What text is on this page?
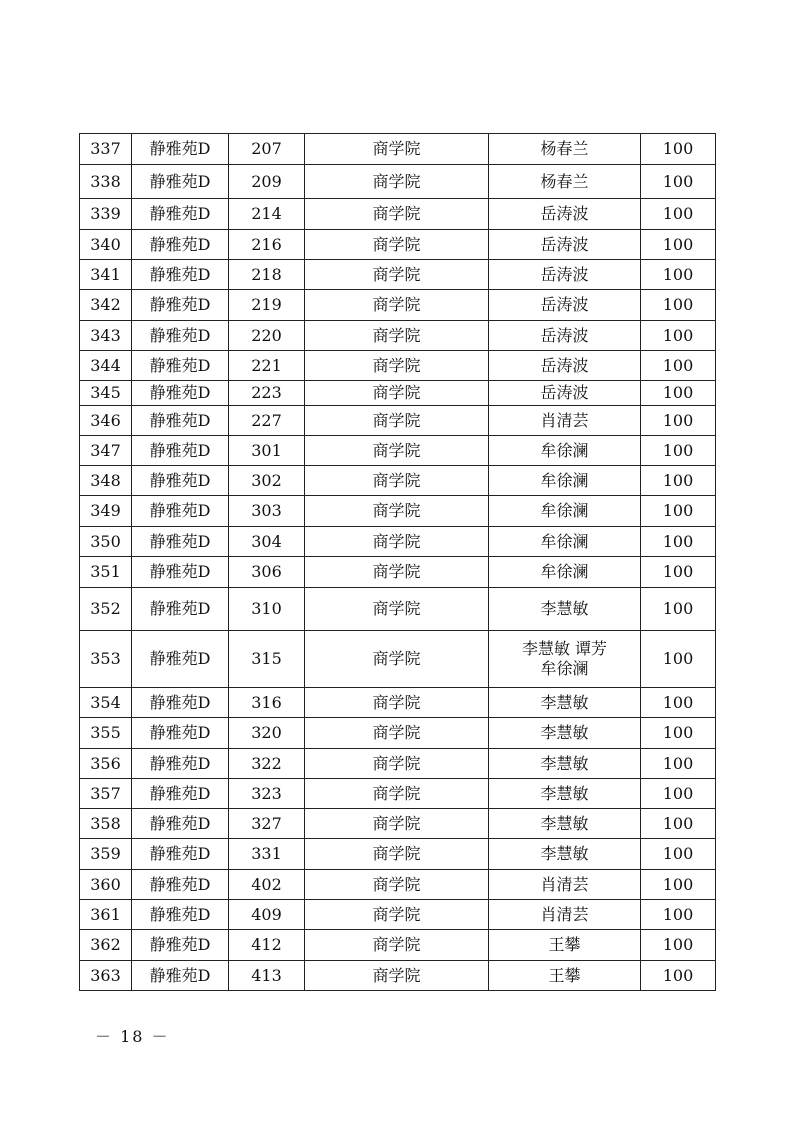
337	静雅苑D	207	商学院	杨春兰	100

338	静雅苑D	209	商学院	杨春兰	100

339	静雅苑D	214	商学院	岳涛波	100

340	静雅苑D	216	商学院	岳涛波	100

341	静雅苑D	218	商学院	岳涛波	100

342	静雅苑D	219	商学院	岳涛波	100

343	静雅苑D	220	商学院	岳涛波	100

344	静雅苑D	221	商学院	岳涛波	100

345	静雅苑D	223	商学院	岳涛波	100

346	静雅苑D	227	商学院	肖清芸	100

347	静雅苑D	301	商学院	牟徐澜	100

348	静雅苑D	302	商学院	牟徐澜	100

349	静雅苑D	303	商学院	牟徐澜	100

350	静雅苑D	304	商学院	牟徐澜	100

351	静雅苑D	306	商学院	牟徐澜	100

352	静雅苑D	310	商学院	李慧敏	100

353	静雅苑D	315	商学院	李慧敏 谭芳
牟徐澜	100

354	静雅苑D	316	商学院	李慧敏	100

355	静雅苑D	320	商学院	李慧敏	100

356	静雅苑D	322	商学院	李慧敏	100

357	静雅苑D	323	商学院	李慧敏	100

358	静雅苑D	327	商学院	李慧敏	100

359	静雅苑D	331	商学院	李慧敏	100

360	静雅苑D	402	商学院	肖清芸	100

361	静雅苑D	409	商学院	肖清芸	100

362	静雅苑D	412	商学院	王攀	100

363	静雅苑D	413	商学院	王攀	100
－ 18 －
